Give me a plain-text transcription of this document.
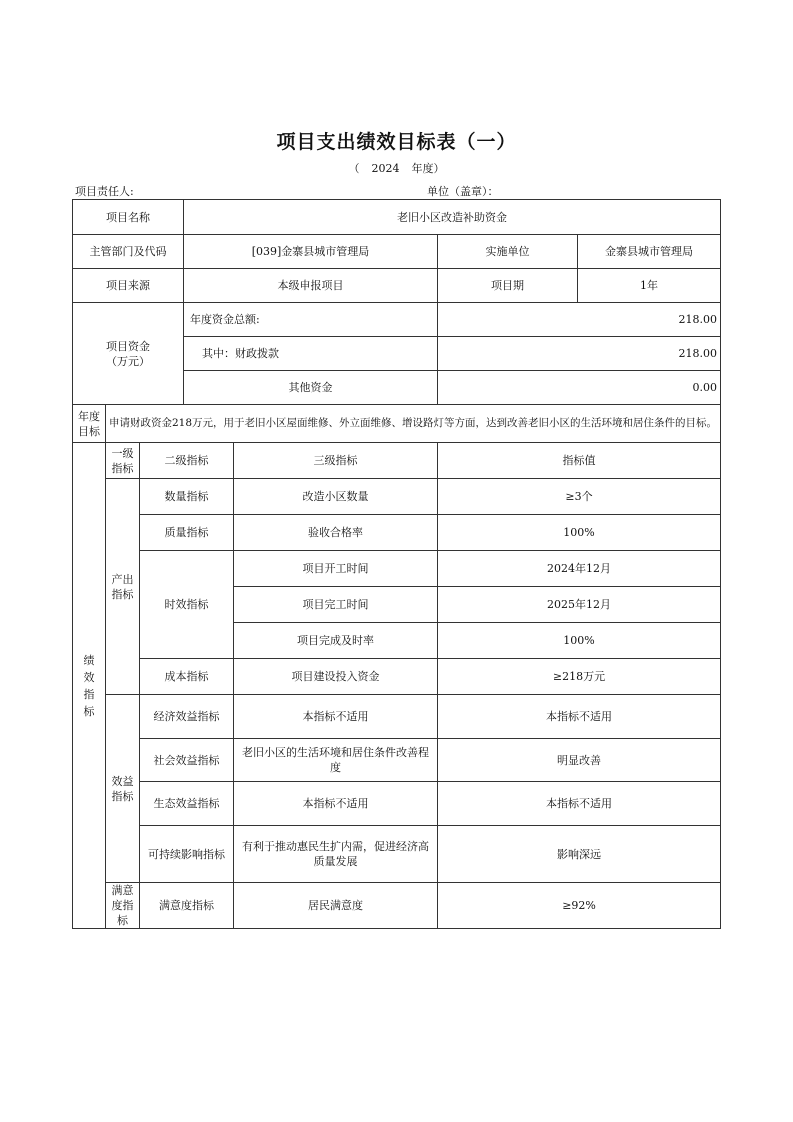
项目支出绩效目标表（一）
（ 2024 年度）
项目责任人:	单位（盖章）：
项目名称			老旧小区改造补助资金			
主管部门及代码			[039]金寨县城市管理局		实施单位	金寨县城市管理局
项目来源			本级申报项目		项目期	1年

项目资金
（万元）			年度资金总额:		218.00	
			其中：财政拨款		218.00	
			其他资金		0.00	
年度目标	申请财政资金218万元，用于老旧小区屋面维修、外立面维修、增设路灯等方面，达到改善老旧小区的生活环境和居住条件的目标。					
绩效指标	一级指标	二级指标		三级指标	指标值	
	产出指标	数量指标		改造小区数量	≥3个	
		质量指标		验收合格率	100%	
		时效指标		项目开工时间	2024年12月	
				项目完工时间	2025年12月	
				项目完成及时率	100%	
		成本指标		项目建设投入资金	≥218万元	
	效益指标	经济效益指标		本指标不适用	本指标不适用	
		社会效益指标		老旧小区的生活环境和居住条件改善程度	明显改善	
		生态效益指标		本指标不适用	本指标不适用	
		可持续影响指标		有利于推动惠民生扩内需，促进经济高质量发展	影响深远	
	满意度指标	满意度指标		居民满意度	≥92%	
